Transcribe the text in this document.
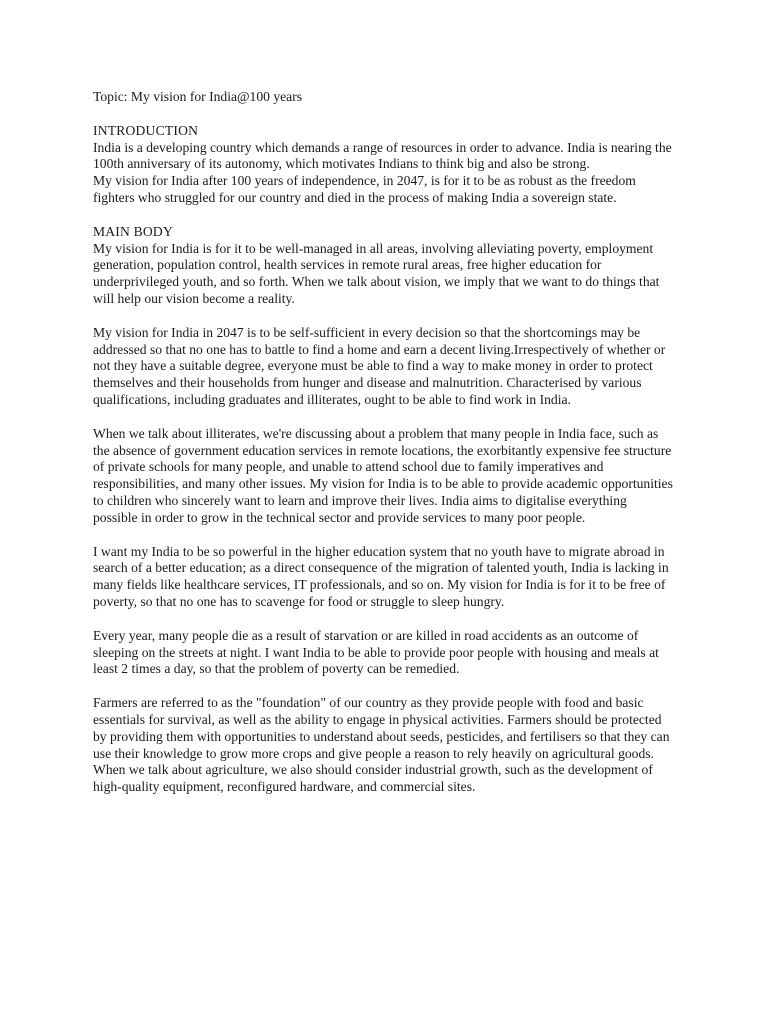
Topic: My vision for India@100 years

INTRODUCTION

India is a developing country which demands a range of resources in order to advance. India is nearing the 100th anniversary of its autonomy, which motivates Indians to think big and also be strong.

My vision for India after 100 years of independence, in 2047, is for it to be as robust as the freedom fighters who struggled for our country and died in the process of making India a sovereign state.

MAIN BODY

My vision for India is for it to be well-managed in all areas, involving alleviating poverty, employment generation, population control, health services in remote rural areas, free higher education for underprivileged youth, and so forth. When we talk about vision, we imply that we want to do things that will help our vision become a reality.

My vision for India in 2047 is to be self-sufficient in every decision so that the shortcomings may be addressed so that no one has to battle to find a home and earn a decent living.Irrespectively of whether or not they have a suitable degree, everyone must be able to find a way to make money in order to protect themselves and their households from hunger and disease and malnutrition. Characterised by various qualifications, including graduates and illiterates, ought to be able to find work in India.

When we talk about illiterates, we're discussing about a problem that many people in India face, such as the absence of government education services in remote locations, the exorbitantly expensive fee structure of private schools for many people, and unable to attend school due to family imperatives and responsibilities, and many other issues. My vision for India is to be able to provide academic opportunities to children who sincerely want to learn and improve their lives. India aims to digitalise everything possible in order to grow in the technical sector and provide services to many poor people.

I want my India to be so powerful in the higher education system that no youth have to migrate abroad in search of a better education; as a direct consequence of the migration of talented youth, India is lacking in many fields like healthcare services, IT professionals, and so on. My vision for India is for it to be free of poverty, so that no one has to scavenge for food or struggle to sleep hungry.

Every year, many people die as a result of starvation or are killed in road accidents as an outcome of sleeping on the streets at night. I want India to be able to provide poor people with housing and meals at least 2 times a day, so that the problem of poverty can be remedied.

Farmers are referred to as the "foundation" of our country as they provide people with food and basic essentials for survival, as well as the ability to engage in physical activities. Farmers should be protected by providing them with opportunities to understand about seeds, pesticides, and fertilisers so that they can use their knowledge to grow more crops and give people a reason to rely heavily on agricultural goods. When we talk about agriculture, we also should consider industrial growth, such as the development of high-quality equipment, reconfigured hardware, and commercial sites.
